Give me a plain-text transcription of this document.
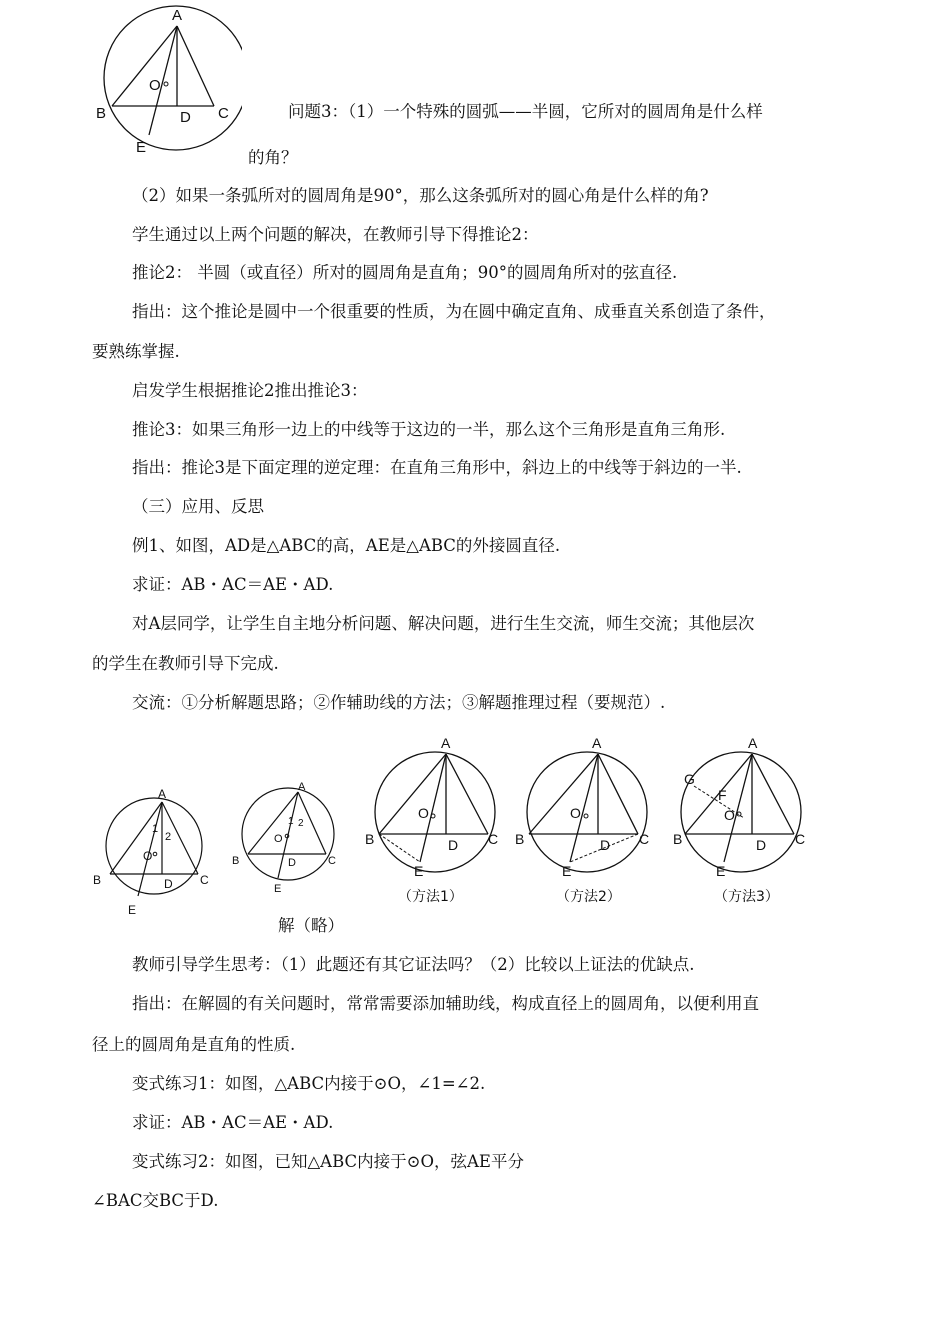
A
B	C
D
E
O
问题3：（1）一个特殊的圆弧——半圆，它所对的圆周角是什么样
的角？
（2）如果一条弧所对的圆周角是90°，那么这条弧所对的圆心角是什么样的角?
学生通过以上两个问题的解决，在教师引导下得推论2：
推论2： 半圆（或直径）所对的圆周角是直角；90°的圆周角所对的弦直径.
指出：这个推论是圆中一个很重要的性质，为在圆中确定直角、成垂直关系创造了条件，
要熟练掌握.
启发学生根据推论2推出推论3：
推论3：如果三角形一边上的中线等于这边的一半，那么这个三角形是直角三角形.
指出：推论3是下面定理的逆定理：在直角三角形中，斜边上的中线等于斜边的一半.
（三）应用、反思
例1、如图，AD是△ABC的高，AE是△ABC的外接圆直径.
求证：AB・AC＝AE・AD.
对A层同学，让学生自主地分析问题、解决问题，进行生生交流，师生交流；其他层次
的学生在教师引导下完成.
交流：①分析解题思路；②作辅助线的方法；③解题推理过程（要规范）.
A
B	C
D
E
O
1
2
A
B	C
D
E
O
1 2
A
B	C
D
E
O
（方法1）
A
B	C
D
E
O
（方法2）
A
G
F
B	C
D
E
O
（方法3）
解（略）
教师引导学生思考：（1）此题还有其它证法吗？（2）比较以上证法的优缺点.
指出：在解圆的有关问题时，常常需要添加辅助线，构成直径上的圆周角，以便利用直
径上的圆周角是直角的性质.
变式练习1：如图，△ABC内接于⊙O，∠1=∠2.
求证：AB・AC＝AE・AD.
变式练习2：如图，已知△ABC内接于⊙O，弦AE平分
∠BAC交BC于D.
